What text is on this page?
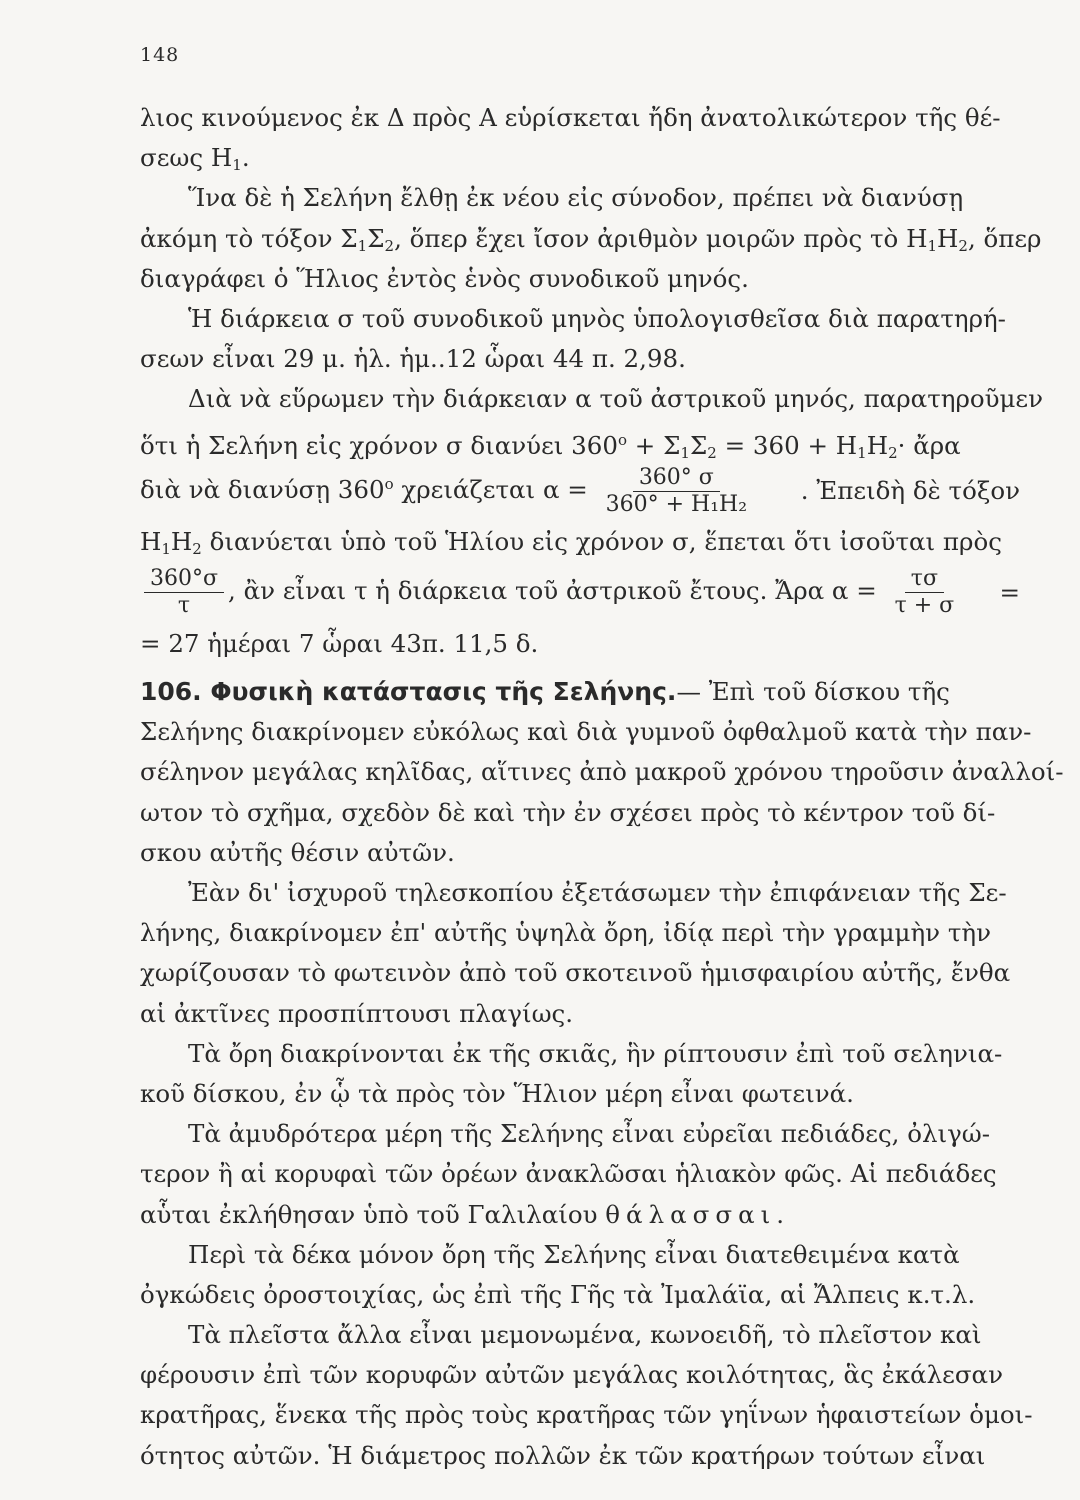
148
λιος κινούμενος ἐκ Δ πρὸς Α εὑρίσκεται ἤδη ἀνατολικώτερον τῆς θέ-
σεως $H_1$.
Ἵνα δὲ ἡ Σελήνη ἔλθῃ ἐκ νέου εἰς σύνοδον, πρέπει νὰ διανύσῃ
ἀκόμη τὸ τόξον $\Sigma_1\Sigma_2$, ὅπερ ἔχει ἴσον ἀριθμὸν μοιρῶν πρὸς τὸ $H_1H_2$, ὅπερ
διαγράφει ὁ Ἥλιος ἐντὸς ἑνὸς συνοδικοῦ μηνός.
Ἡ διάρκεια σ τοῦ συνοδικοῦ μηνὸς ὑπολογισθεῖσα διὰ παρατηρή-
σεων εἶναι 29 μ. ἡλ. ἡμ..12 ὧραι 44 π. 2,98.
Διὰ νὰ εὕρωμεν τὴν διάρκειαν α τοῦ ἀστρικοῦ μηνός, παρατηροῦμεν
ὅτι ἡ Σελήνη εἰς χρόνον σ διανύει $360^o + \Sigma_1\Sigma_2 = 360 + H_1H_2\cdot$ ἄρα
διὰ νὰ διανύσῃ 360$^o$ χρειάζεται $\alpha = \frac{360^\circ \sigma}{\text{360° + Η₁Η₂}}$ . Ἐπειδὴ δὲ τόξον
$H_1H_2$ διανύεται ὑπὸ τοῦ Ἡλίου εἰς χρόνον σ, ἕπεται ὅτι ἰσοῦται πρὸς
$\frac{360^\circ\sigma}{\tau}$ , ἂν εἶναι τ ἡ διάρκεια τοῦ ἀστρικοῦ ἔτους. Ἄρα $\alpha = \frac{\tau\sigma}{\tau + \sigma}$ =
= 27 ἡμέραι 7 ὧραι 43π. 11,5 δ.
106. Φυσικὴ κατάστασις τῆς Σελήνης.— Ἐπὶ τοῦ δίσκου τῆς
Σελήνης διακρίνομεν εὐκόλως καὶ διὰ γυμνοῦ ὀφθαλμοῦ κατὰ τὴν παν-
σέληνον μεγάλας κηλῖδας, αἵτινες ἀπὸ μακροῦ χρόνου τηροῦσιν ἀναλλοί-
ωτον τὸ σχῆμα, σχεδὸν δὲ καὶ τὴν ἐν σχέσει πρὸς τὸ κέντρον τοῦ δί-
σκου αὐτῆς θέσιν αὐτῶν.
Ἐὰν δι' ἰσχυροῦ τηλεσκοπίου ἐξετάσωμεν τὴν ἐπιφάνειαν τῆς Σε-
λήνης, διακρίνομεν ἐπ' αὐτῆς ὑψηλὰ ὄρη, ἰδίᾳ περὶ τὴν γραμμὴν τὴν
χωρίζουσαν τὸ φωτεινὸν ἀπὸ τοῦ σκοτεινοῦ ἡμισφαιρίου αὐτῆς, ἔνθα
αἱ ἀκτῖνες προσπίπτουσι πλαγίως.
Τὰ ὄρη διακρίνονται ἐκ τῆς σκιᾶς, ἣν ρίπτουσιν ἐπὶ τοῦ σεληνια-
κοῦ δίσκου, ἐν ᾧ τὰ πρὸς τὸν Ἥλιον μέρη εἶναι φωτεινά.
Τὰ ἀμυδρότερα μέρη τῆς Σελήνης εἶναι εὐρεῖαι πεδιάδες, ὀλιγώ-
τερον ἢ αἱ κορυφαὶ τῶν ὀρέων ἀνακλῶσαι ἡλιακὸν φῶς. Αἱ πεδιάδες
αὗται ἐκλήθησαν ὑπὸ τοῦ Γαλιλαίου θάλασσαι.
Περὶ τὰ δέκα μόνον ὄρη τῆς Σελήνης εἶναι διατεθειμένα κατὰ
ὀγκώδεις ὀροστοιχίας, ὡς ἐπὶ τῆς Γῆς τὰ Ἰμαλάϊα, αἱ Ἄλπεις κ.τ.λ.
Τὰ πλεῖστα ἄλλα εἶναι μεμονωμένα, κωνοειδῆ, τὸ πλεῖστον καὶ
φέρουσιν ἐπὶ τῶν κορυφῶν αὐτῶν μεγάλας κοιλότητας, ἃς ἐκάλεσαν
κρατῆρας, ἕνεκα τῆς πρὸς τοὺς κρατῆρας τῶν γηΐνων ἡφαιστείων ὁμοι-
ότητος αὐτῶν. Ἡ διάμετρος πολλῶν ἐκ τῶν κρατήρων τούτων εἶναι
